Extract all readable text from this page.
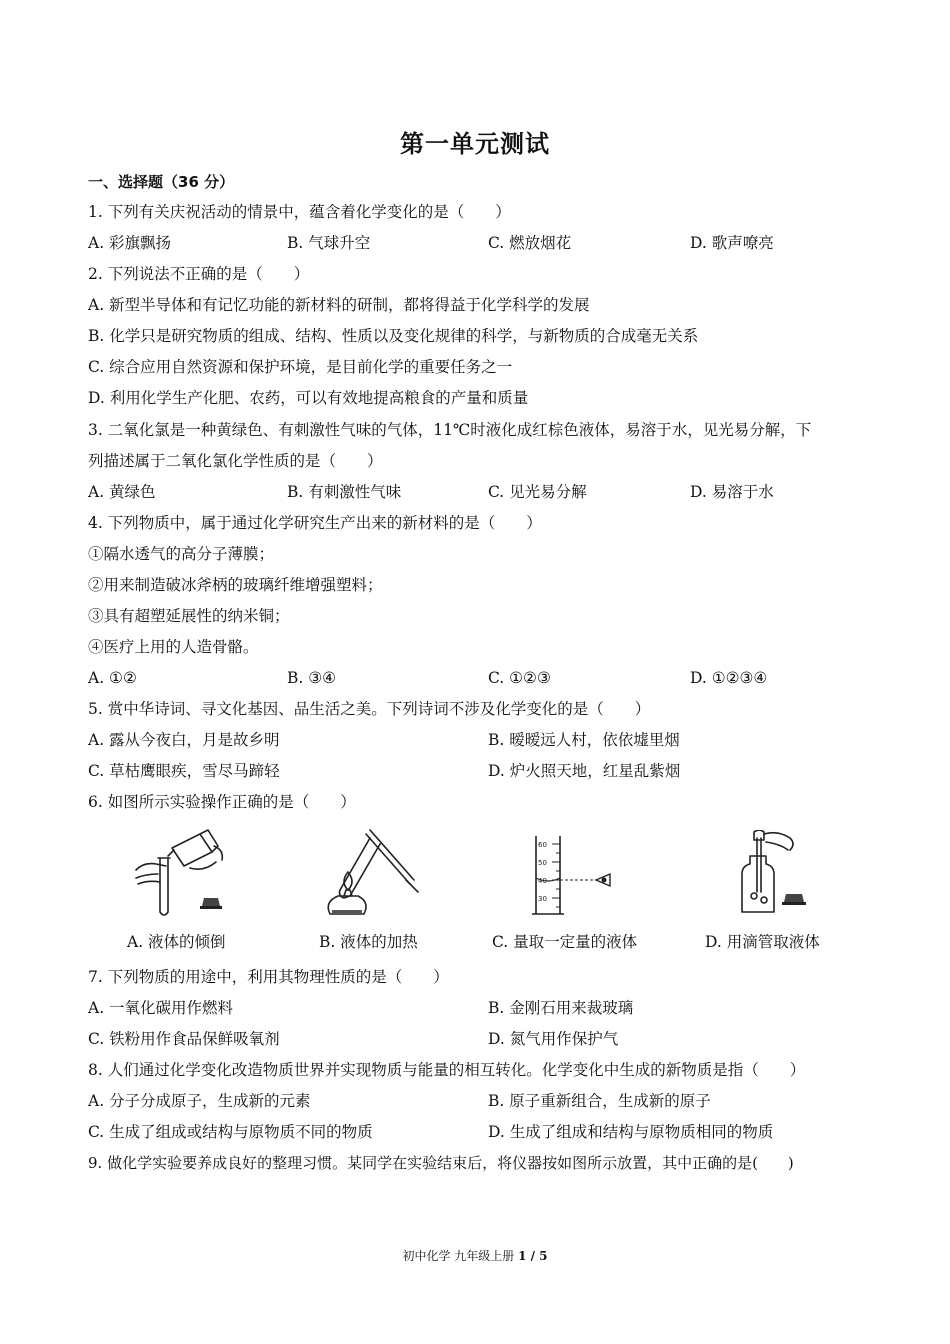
第一单元测试
一、选择题（36 分）
1. 下列有关庆祝活动的情景中，蕴含着化学变化的是（　　）
A. 彩旗飘扬	B. 气球升空	C. 燃放烟花	D. 歌声嘹亮
2. 下列说法不正确的是（　　）
A. 新型半导体和有记忆功能的新材料的研制，都将得益于化学科学的发展
B. 化学只是研究物质的组成、结构、性质以及变化规律的科学，与新物质的合成毫无关系
C. 综合应用自然资源和保护环境，是目前化学的重要任务之一
D. 利用化学生产化肥、农药，可以有效地提高粮食的产量和质量
3. 二氧化氯是一种黄绿色、有刺激性气味的气体，11℃时液化成红棕色液体，易溶于水，见光易分解，下
列描述属于二氧化氯化学性质的是（　　）
A. 黄绿色	B. 有刺激性气味	C. 见光易分解	D. 易溶于水
4. 下列物质中，属于通过化学研究生产出来的新材料的是（　　）
①隔水透气的高分子薄膜；
②用来制造破冰斧柄的玻璃纤维增强塑料；
③具有超塑延展性的纳米铜；
④医疗上用的人造骨骼。
A. ①②	B. ③④	C. ①②③	D. ①②③④
5. 赏中华诗词、寻文化基因、品生活之美。下列诗词不涉及化学变化的是（　　）
A. 露从今夜白，月是故乡明	B. 暧暧远人村，依依墟里烟
C. 草枯鹰眼疾，雪尽马蹄轻	D. 炉火照天地，红星乱紫烟
6. 如图所示实验操作正确的是（　　）
A. 液体的倾倒	B. 液体的加热
60
50
40
30
C. 量取一定量的液体	D. 用滴管取液体
7. 下列物质的用途中，利用其物理性质的是（　　）
A. 一氧化碳用作燃料	B. 金刚石用来裁玻璃
C. 铁粉用作食品保鲜吸氧剂	D. 氮气用作保护气
8. 人们通过化学变化改造物质世界并实现物质与能量的相互转化。化学变化中生成的新物质是指（　　）
A. 分子分成原子，生成新的元素	B. 原子重新组合，生成新的原子
C. 生成了组成或结构与原物质不同的物质	D. 生成了组成和结构与原物质相同的物质
9. 做化学实验要养成良好的整理习惯。某同学在实验结束后，将仪器按如图所示放置，其中正确的是(　　)
初中化学 九年级上册 1 / 5
